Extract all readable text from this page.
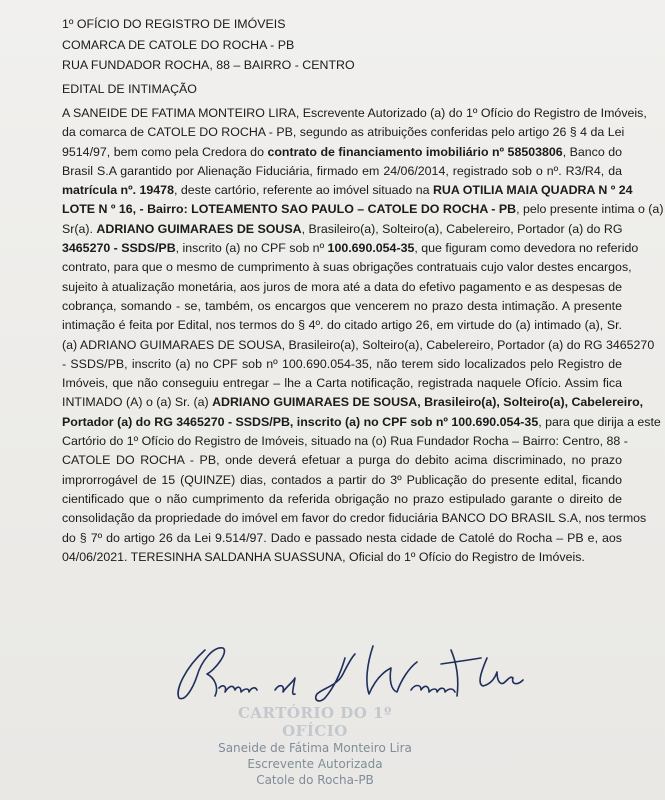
1º OFÍCIO DO REGISTRO DE IMÓVEIS
COMARCA DE CATOLE DO ROCHA - PB
RUA FUNDADOR ROCHA, 88 – BAIRRO - CENTRO
EDITAL DE INTIMAÇÃO
A SANEIDE DE FATIMA MONTEIRO LIRA, Escrevente Autorizado (a) do 1º Ofício do Registro de Imóveis,
da comarca de CATOLE DO ROCHA - PB, segundo as atribuições conferidas pelo artigo 26 § 4 da Lei
9514/97, bem como pela Credora do contrato de financiamento imobiliário nº 58503806, Banco do
Brasil S.A garantido por Alienação Fiduciária, firmado em 24/06/2014, registrado sob o nº. R3/R4, da
matrícula nº. 19478, deste cartório, referente ao imóvel situado na RUA OTILIA MAIA QUADRA N º 24
LOTE N º 16, - Bairro: LOTEAMENTO SAO PAULO – CATOLE DO ROCHA - PB, pelo presente intima o (a)
Sr(a). ADRIANO GUIMARAES DE SOUSA, Brasileiro(a), Solteiro(a), Cabelereiro, Portador (a) do RG
3465270 - SSDS/PB, inscrito (a) no CPF sob nº 100.690.054-35, que figuram como devedora no referido
contrato, para que o mesmo de cumprimento à suas obrigações contratuais cujo valor destes encargos,
sujeito à atualização monetária, aos juros de mora até a data do efetivo pagamento e as despesas de
cobrança, somando - se, também, os encargos que vencerem no prazo desta intimação. A presente
intimação é feita por Edital, nos termos do § 4º. do citado artigo 26, em virtude do (a) intimado (a), Sr.
(a) ADRIANO GUIMARAES DE SOUSA, Brasileiro(a), Solteiro(a), Cabelereiro, Portador (a) do RG 3465270
- SSDS/PB, inscrito (a) no CPF sob nº 100.690.054-35, não terem sido localizados pelo Registro de
Imóveis, que não conseguiu entregar – lhe a Carta notificação, registrada naquele Ofício. Assim fica
INTIMADO (A) o (a) Sr. (a) ADRIANO GUIMARAES DE SOUSA, Brasileiro(a), Solteiro(a), Cabelereiro,
Portador (a) do RG 3465270 - SSDS/PB, inscrito (a) no CPF sob nº 100.690.054-35, para que dirija a este
Cartório do 1º Ofício do Registro de Imóveis, situado na (o) Rua Fundador Rocha – Bairro: Centro, 88 -
CATOLE DO ROCHA - PB, onde deverá efetuar a purga do debito acima discriminado, no prazo
improrrogável de 15 (QUINZE) dias, contados a partir do 3º Publicação do presente edital, ficando
cientificado que o não cumprimento da referida obrigação no prazo estipulado garante o direito de
consolidação da propriedade do imóvel em favor do credor fiduciária BANCO DO BRASIL S.A, nos termos
do § 7º do artigo 26 da Lei 9.514/97. Dado e passado nesta cidade de Catolé do Rocha – PB e, aos
04/06/2021. TERESINHA SALDANHA SUASSUNA, Oficial do 1º Ofício do Registro de Imóveis.
CARTÓRIO DO 1º OFÍCIO
Saneide de Fátima Monteiro Lira
Escrevente Autorizada
Catole do Rocha-PB
